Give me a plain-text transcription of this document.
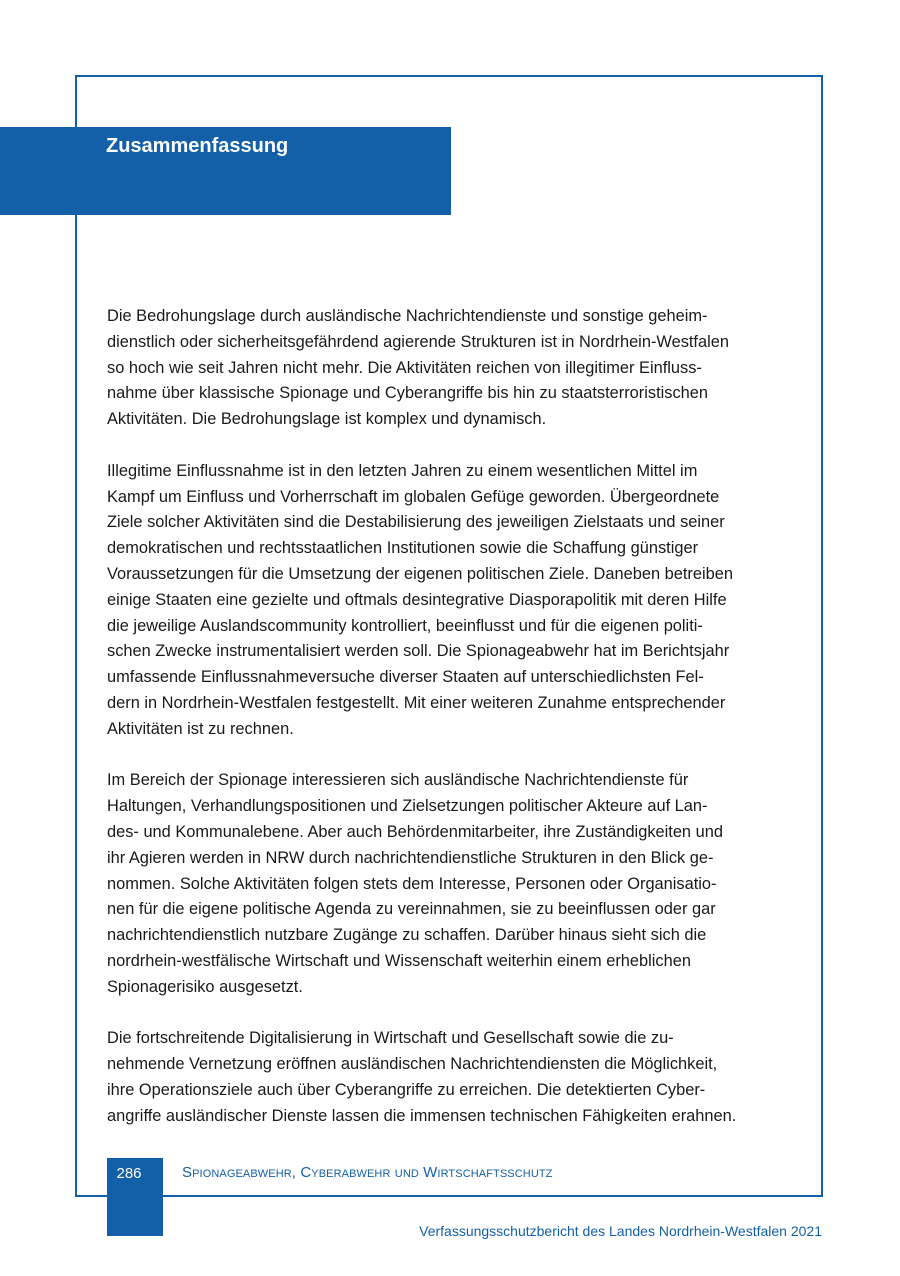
Zusammenfassung

Die Bedrohungslage durch ausländische Nachrichtendienste und sonstige geheim-
dienstlich oder sicherheitsgefährdend agierende Strukturen ist in Nordrhein-Westfalen
so hoch wie seit Jahren nicht mehr. Die Aktivitäten reichen von illegitimer Einfluss-
nahme über klassische Spionage und Cyberangriffe bis hin zu staatsterroristischen
Aktivitäten. Die Bedrohungslage ist komplex und dynamisch.

Illegitime Einflussnahme ist in den letzten Jahren zu einem wesentlichen Mittel im
Kampf um Einfluss und Vorherrschaft im globalen Gefüge geworden. Übergeordnete
Ziele solcher Aktivitäten sind die Destabilisierung des jeweiligen Zielstaats und seiner
demokratischen und rechtsstaatlichen Institutionen sowie die Schaffung günstiger
Voraussetzungen für die Umsetzung der eigenen politischen Ziele. Daneben betreiben
einige Staaten eine gezielte und oftmals desintegrative Diasporapolitik mit deren Hilfe
die jeweilige Auslandscommunity kontrolliert, beeinflusst und für die eigenen politi-
schen Zwecke instrumentalisiert werden soll. Die Spionageabwehr hat im Berichtsjahr
umfassende Einflussnahmeversuche diverser Staaten auf unterschiedlichsten Fel-
dern in Nordrhein-Westfalen festgestellt. Mit einer weiteren Zunahme entsprechender
Aktivitäten ist zu rechnen.

Im Bereich der Spionage interessieren sich ausländische Nachrichtendienste für
Haltungen, Verhandlungspositionen und Zielsetzungen politischer Akteure auf Lan-
des- und Kommunalebene. Aber auch Behördenmitarbeiter, ihre Zuständigkeiten und
ihr Agieren werden in NRW durch nachrichtendienstliche Strukturen in den Blick ge-
nommen. Solche Aktivitäten folgen stets dem Interesse, Personen oder Organisatio-
nen für die eigene politische Agenda zu vereinnahmen, sie zu beeinflussen oder gar
nachrichtendienstlich nutzbare Zugänge zu schaffen. Darüber hinaus sieht sich die
nordrhein-westfälische Wirtschaft und Wissenschaft weiterhin einem erheblichen
Spionagerisiko ausgesetzt.

Die fortschreitende Digitalisierung in Wirtschaft und Gesellschaft sowie die zu-
nehmende Vernetzung eröffnen ausländischen Nachrichtendiensten die Möglichkeit,
ihre Operationsziele auch über Cyberangriffe zu erreichen. Die detektierten Cyber-
angriffe ausländischer Dienste lassen die immensen technischen Fähigkeiten erahnen.

286	Spionageabwehr, Cyberabwehr und Wirtschaftsschutz
Verfassungsschutzbericht des Landes Nordrhein-Westfalen 2021
